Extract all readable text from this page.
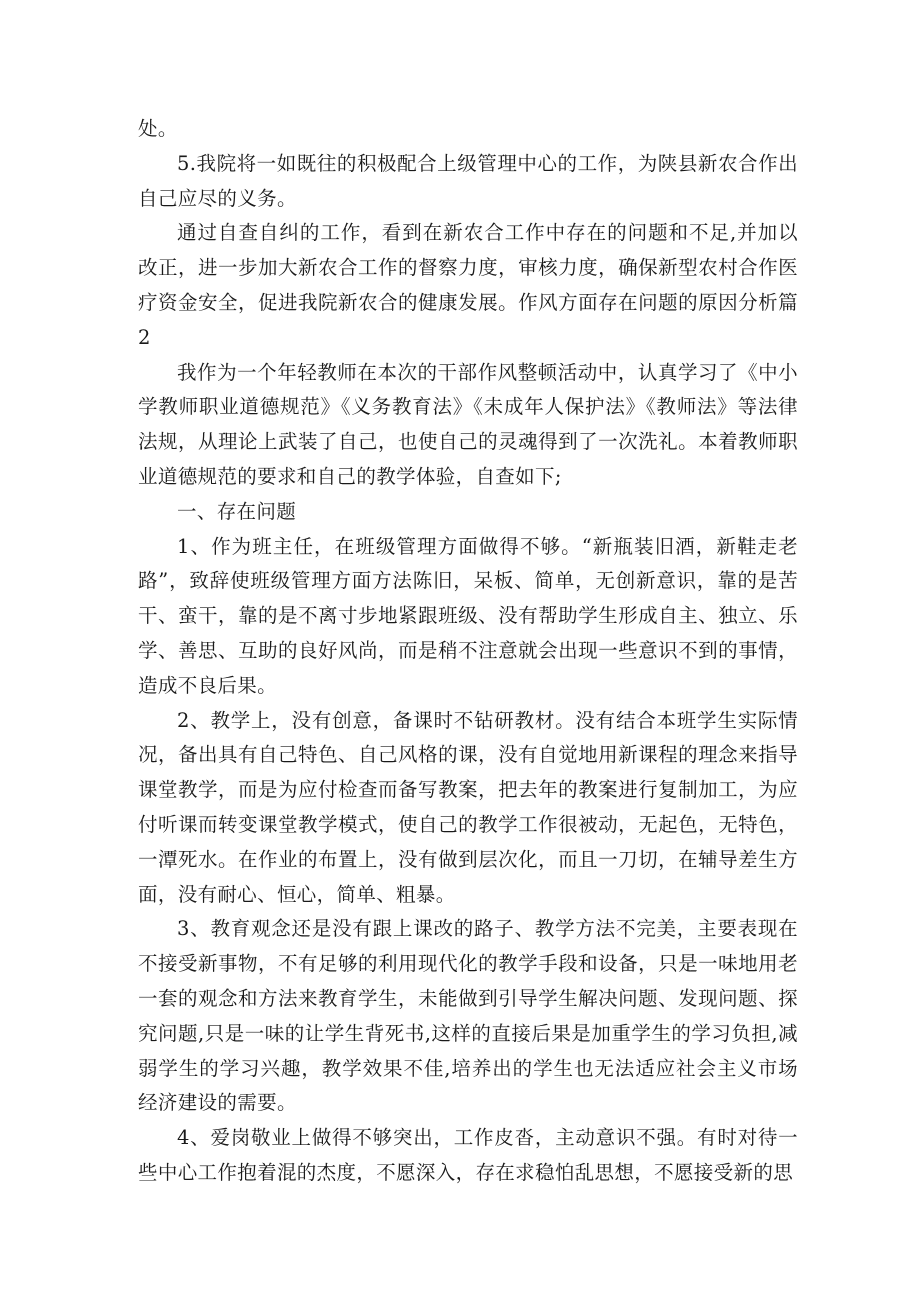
处。

5.我院将一如既往的积极配合上级管理中心的工作，为陕县新农合作出自己应尽的义务。

通过自查自纠的工作，看到在新农合工作中存在的问题和不足,并加以改正，进一步加大新农合工作的督察力度，审核力度，确保新型农村合作医疗资金安全，促进我院新农合的健康发展。作风方面存在问题的原因分析篇2

我作为一个年轻教师在本次的干部作风整顿活动中，认真学习了《中小学教师职业道德规范》《义务教育法》《未成年人保护法》《教师法》等法律法规，从理论上武装了自己，也使自己的灵魂得到了一次洗礼。本着教师职业道德规范的要求和自己的教学体验，自查如下;

一、存在问题

1、作为班主任，在班级管理方面做得不够。“新瓶装旧酒，新鞋走老路”，致辞使班级管理方面方法陈旧，呆板、简单，无创新意识，靠的是苦干、蛮干，靠的是不离寸步地紧跟班级、没有帮助学生形成自主、独立、乐学、善思、互助的良好风尚，而是稍不注意就会出现一些意识不到的事情，造成不良后果。

2、教学上，没有创意，备课时不钻研教材。没有结合本班学生实际情况，备出具有自己特色、自己风格的课，没有自觉地用新课程的理念来指导课堂教学，而是为应付检查而备写教案，把去年的教案进行复制加工，为应付听课而转变课堂教学模式，使自己的教学工作很被动，无起色，无特色，一潭死水。在作业的布置上，没有做到层次化，而且一刀切，在辅导差生方面，没有耐心、恒心，简单、粗暴。

3、教育观念还是没有跟上课改的路子、教学方法不完美，主要表现在不接受新事物，不有足够的利用现代化的教学手段和设备，只是一味地用老一套的观念和方法来教育学生，未能做到引导学生解决问题、发现问题、探究问题,只是一味的让学生背死书,这样的直接后果是加重学生的学习负担,减弱学生的学习兴趣，教学效果不佳,培养出的学生也无法适应社会主义市场经济建设的需要。

4、爱岗敬业上做得不够突出，工作皮沓，主动意识不强。有时对待一些中心工作抱着混的杰度，不愿深入，存在求稳怕乱思想，不愿接受新的思
